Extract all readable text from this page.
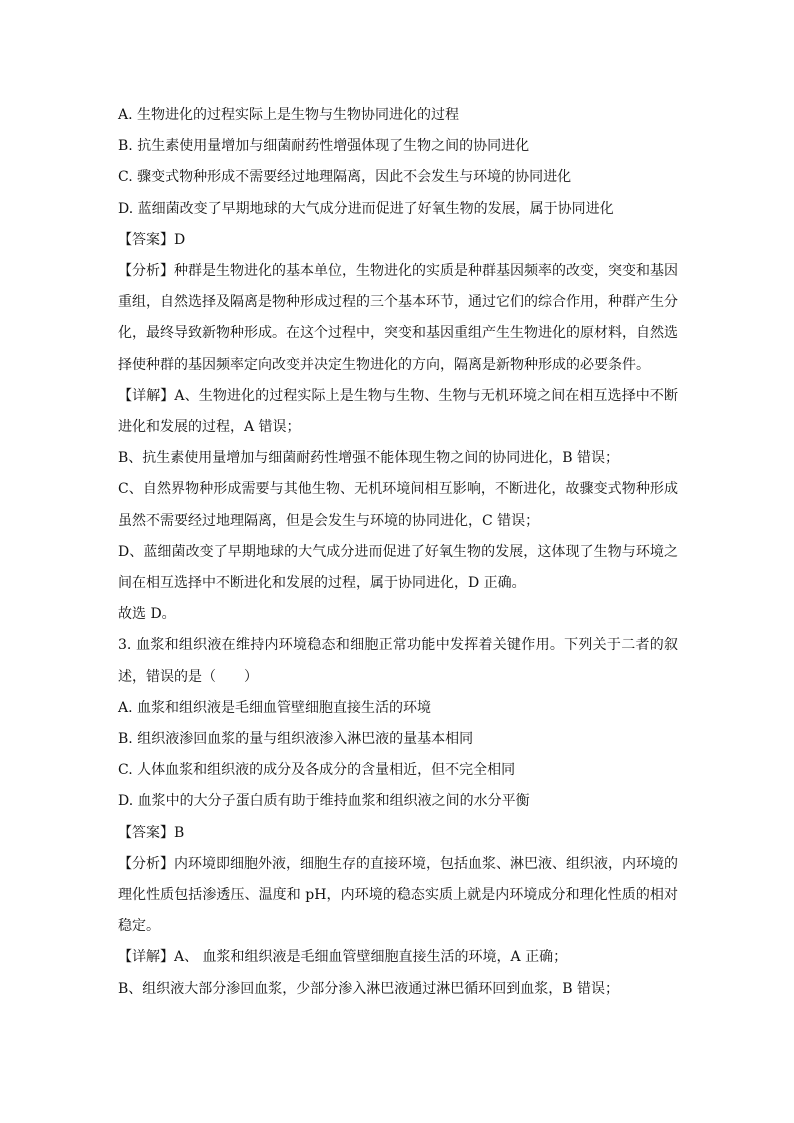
A. 生物进化的过程实际上是生物与生物协同进化的过程
B. 抗生素使用量增加与细菌耐药性增强体现了生物之间的协同进化
C. 骤变式物种形成不需要经过地理隔离，因此不会发生与环境的协同进化
D. 蓝细菌改变了早期地球的大气成分进而促进了好氧生物的发展，属于协同进化
【答案】D
【分析】种群是生物进化的基本单位，生物进化的实质是种群基因频率的改变，突变和基因重组，自然选择及隔离是物种形成过程的三个基本环节，通过它们的综合作用，种群产生分化，最终导致新物种形成。在这个过程中，突变和基因重组产生生物进化的原材料，自然选择使种群的基因频率定向改变并决定生物进化的方向，隔离是新物种形成的必要条件。
【详解】A、生物进化的过程实际上是生物与生物、生物与无机环境之间在相互选择中不断进化和发展的过程，A 错误；
B、抗生素使用量增加与细菌耐药性增强不能体现生物之间的协同进化，B 错误；
C、自然界物种形成需要与其他生物、无机环境间相互影响，不断进化，故骤变式物种形成虽然不需要经过地理隔离，但是会发生与环境的协同进化，C 错误；
D、蓝细菌改变了早期地球的大气成分进而促进了好氧生物的发展，这体现了生物与环境之间在相互选择中不断进化和发展的过程，属于协同进化，D 正确。
故选 D。
3. 血浆和组织液在维持内环境稳态和细胞正常功能中发挥着关键作用。下列关于二者的叙述，错误的是（　　）
A. 血浆和组织液是毛细血管壁细胞直接生活的环境
B. 组织液渗回血浆的量与组织液渗入淋巴液的量基本相同
C. 人体血浆和组织液的成分及各成分的含量相近，但不完全相同
D. 血浆中的大分子蛋白质有助于维持血浆和组织液之间的水分平衡
【答案】B
【分析】内环境即细胞外液，细胞生存的直接环境，包括血浆、淋巴液、组织液，内环境的理化性质包括渗透压、温度和 pH，内环境的稳态实质上就是内环境成分和理化性质的相对稳定。
【详解】A、 血浆和组织液是毛细血管壁细胞直接生活的环境，A 正确；
B、组织液大部分渗回血浆，少部分渗入淋巴液通过淋巴循环回到血浆，B 错误；
